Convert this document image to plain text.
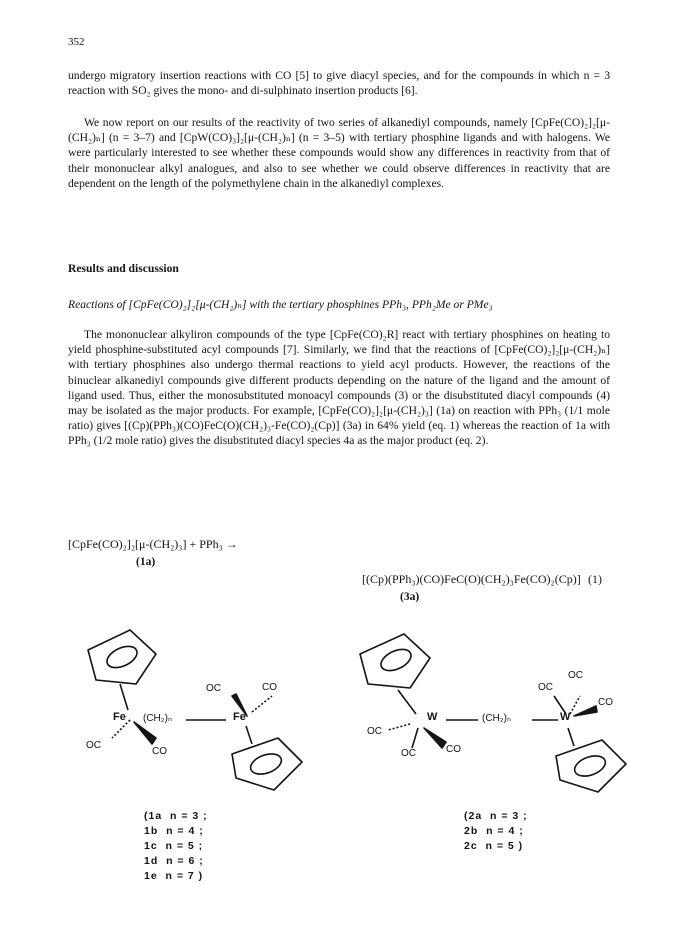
352
undergo migratory insertion reactions with CO [5] to give diacyl species, and for the compounds in which n = 3 reaction with SO₂ gives the mono- and di-sulphinato insertion products [6].
We now report on our results of the reactivity of two series of alkanediyl compounds, namely [CpFe(CO)₂]₂[μ-(CH₂)ₙ] (n = 3–7) and [CpW(CO)₃]₂[μ-(CH₂)ₙ] (n = 3–5) with tertiary phosphine ligands and with halogens. We were particularly interested to see whether these compounds would show any differences in reactivity from that of their mononuclear alkyl analogues, and also to see whether we could observe differences in reactivity that are dependent on the length of the polymethylene chain in the alkanediyl complexes.
Results and discussion
Reactions of [CpFe(CO)₂]₂[μ-(CH₂)ₙ] with the tertiary phosphines PPh₃, PPh₂Me or PMe₃
The mononuclear alkyliron compounds of the type [CpFe(CO)₂R] react with tertiary phosphines on heating to yield phosphine-substituted acyl compounds [7]. Similarly, we find that the reactions of [CpFe(CO)₂]₂[μ-(CH₂)ₙ] with tertiary phosphines also undergo thermal reactions to yield acyl products. However, the reactions of the binuclear alkanediyl compounds give different products depending on the nature of the ligand and the amount of ligand used. Thus, either the monosubstituted monoacyl compounds (3) or the disubstituted diacyl compounds (4) may be isolated as the major products. For example, [CpFe(CO)₂]₂[μ-(CH₂)₃] (1a) on reaction with PPh₃ (1/1 mole ratio) gives [(Cp)(PPh₃)(CO)FeC(O)(CH₂)₃-Fe(CO)₂(Cp)] (3a) in 64% yield (eq. 1) whereas the reaction of 1a with PPh₃ (1/2 mole ratio) gives the disubstituted diacyl species 4a as the major product (eq. 2).
[CpFe(CO)₂]₂[μ-(CH₂)₃] + PPh₃ →
(1a)
[(Cp)(PPh₃)(CO)FeC(O)(CH₂)₃Fe(CO)₂(Cp)] (1)
(3a)
Fe (CH₂)ₙ	Fe
OC	CO
OC
CO
W	(CH₂)ₙ	W
OC
OC
OC
OC
CO
CO
(1a  n = 3 ;
1b  n = 4 ;
1c  n = 5 ;
1d  n = 6 ;
1e  n = 7 )
(2a  n = 3 ;
2b  n = 4 ;
2c  n = 5 )
